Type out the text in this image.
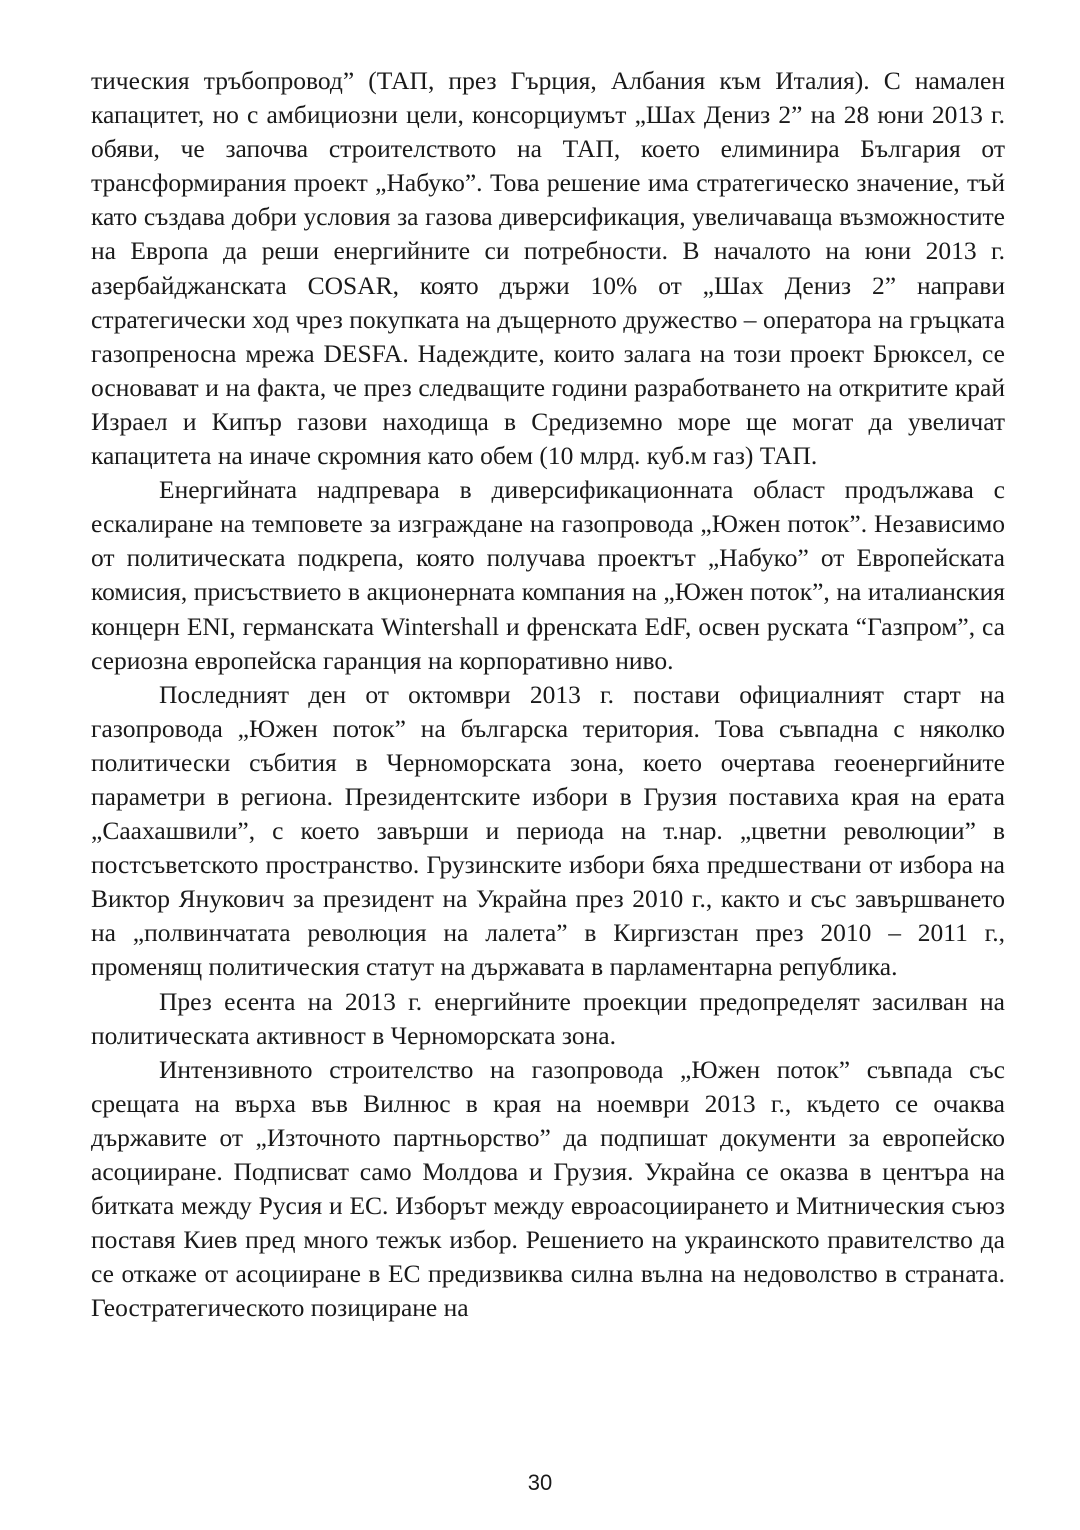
тическия тръбопровод” (ТАП, през Гърция, Албания към Италия). С намален капацитет, но с амбициозни цели, консорциумът „Шах Дениз 2” на 28 юни 2013 г. обяви, че започва строителството на ТАП, което елиминира България от трансформирания проект „Набуко”. Това решение има стратегическо значение, тъй като създава добри условия за газова диверсификация, увеличаваща възможностите на Европа да реши енергийните си потребности. В началото на юни 2013 г. азербайджанската COSAR, която държи 10% от „Шах Дениз 2” направи стратегически ход чрез покупката на дъщерното дружество – оператора на гръцката газопреносна мрежа DESFA. Надеждите, които залага на този проект Брюксел, се основават и на факта, че през следващите години разработването на откритите край Израел и Кипър газови находища в Средиземно море ще могат да увеличат капацитета на иначе скромния като обем (10 млрд. куб.м газ) ТАП.

Енергийната надпревара в диверсификационната област продължава с ескалиране на темповете за изграждане на газопровода „Южен поток”. Независимо от политическата подкрепа, която получава проектът „Набуко” от Европейската комисия, присъствието в акционерната компания на „Южен поток”, на италианския концерн ENI, германската Wintershall и френската EdF, освен руската “Газпром”, са сериозна европейска гаранция на корпоративно ниво.

Последният ден от октомври 2013 г. постави официалният старт на газопровода „Южен поток” на българска територия. Това съвпадна с няколко политически събития в Черноморската зона, което очертава геоенергийните параметри в региона. Президентските избори в Грузия поставиха края на ерата „Саахашвили”, с което завърши и периода на т.нар. „цветни революции” в постсъветското пространство. Грузинските избори бяха предшествани от избора на Виктор Янукович за президент на Украйна през 2010 г., както и със завършването на „полвинчатата революция на лалета” в Киргизстан през 2010 – 2011 г., променящ политическия статут на държавата в парламентарна република.

През есента на 2013 г. енергийните проекции предопределят засилван на политическата активност в Черноморската зона.

Интензивното строителство на газопровода „Южен поток” съвпада със срещата на върха във Вилнюс в края на ноември 2013 г., където се очаква държавите от „Източното партньорство” да подпишат документи за европейско асоцииране. Подписват само Молдова и Грузия. Украйна се оказва в центъра на битката между Русия и ЕС. Изборът между евроасоциирането и Митническия съюз поставя Киев пред много тежък избор. Решението на украинското правителство да се откаже от асоцииране в ЕС предизвиква силна вълна на недоволство в страната. Геостратегическото позициране на

30
